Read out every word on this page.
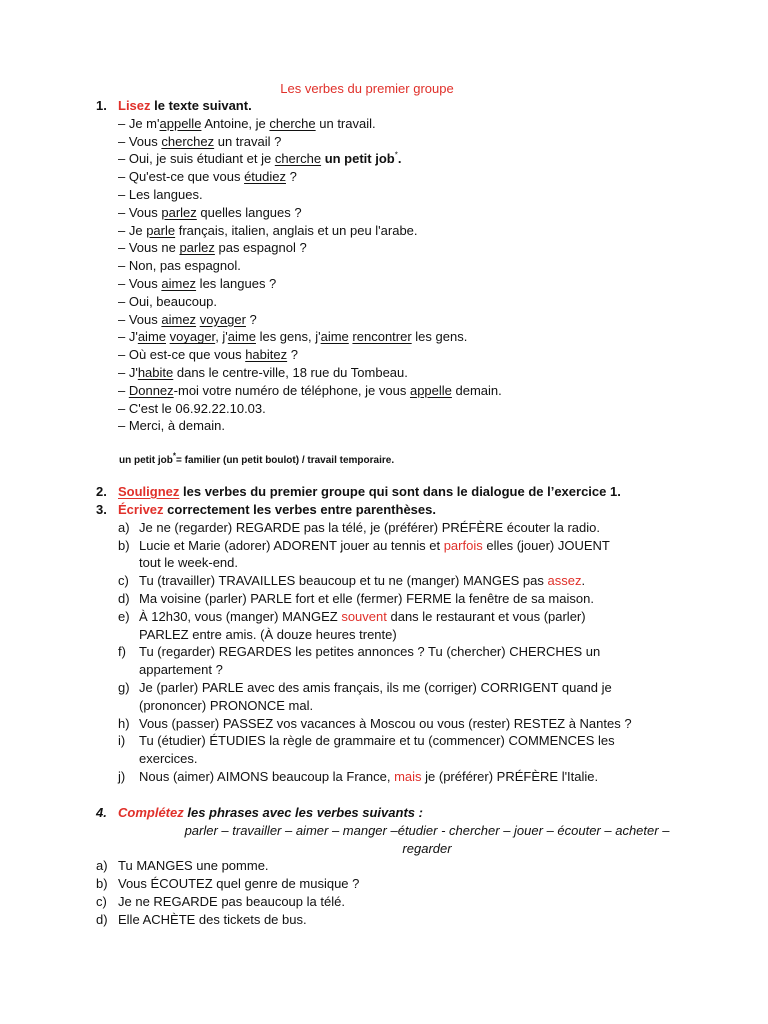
Les verbes du premier groupe
1. Lisez le texte suivant.
– Je m'appelle Antoine, je cherche un travail.
– Vous cherchez un travail ?
– Oui, je suis étudiant et je cherche un petit job*.
– Qu'est-ce que vous étudiez ?
– Les langues.
– Vous parlez quelles langues ?
– Je parle français, italien, anglais et un peu l'arabe.
– Vous ne parlez pas espagnol ?
– Non, pas espagnol.
– Vous aimez les langues ?
– Oui, beaucoup.
– Vous aimez voyager ?
– J'aime voyager, j'aime les gens, j'aime rencontrer les gens.
– Où est-ce que vous habitez ?
– J'habite dans le centre-ville, 18 rue du Tombeau.
– Donnez-moi votre numéro de téléphone, je vous appelle demain.
– C'est le 06.92.22.10.03.
– Merci, à demain.
un petit job*= familier (un petit boulot) / travail temporaire.
2. Soulignez les verbes du premier groupe qui sont dans le dialogue de l’exercice 1.
3. Écrivez correctement les verbes entre parenthèses.
a) Je ne (regarder) REGARDE pas la télé, je (préférer) PRÉFÈRE écouter la radio.
b) Lucie et Marie (adorer) ADORENT jouer au tennis et parfois elles (jouer) JOUENT
tout le week-end.
c) Tu (travailler) TRAVAILLES beaucoup et tu ne (manger) MANGES pas assez.
d) Ma voisine (parler) PARLE fort et elle (fermer) FERME la fenêtre de sa maison.
e) À 12h30, vous (manger) MANGEZ souvent dans le restaurant et vous (parler)
PARLEZ entre amis. (À douze heures trente)
f) Tu (regarder) REGARDES les petites annonces ? Tu (chercher) CHERCHES un
appartement ?
g) Je (parler) PARLE avec des amis français, ils me (corriger) CORRIGENT quand je
(prononcer) PRONONCE mal.
h) Vous (passer) PASSEZ vos vacances à Moscou ou vous (rester) RESTEZ à Nantes ?
i) Tu (étudier) ÉTUDIES la règle de grammaire et tu (commencer) COMMENCES les
exercices.
j) Nous (aimer) AIMONS beaucoup la France, mais je (préférer) PRÉFÈRE l'Italie.
4. Complétez les phrases avec les verbes suivants :
parler – travailler – aimer – manger –étudier - chercher – jouer – écouter – acheter –
regarder
a) Tu MANGES une pomme.
b) Vous ÉCOUTEZ quel genre de musique ?
c) Je ne REGARDE pas beaucoup la télé.
d) Elle ACHÈTE des tickets de bus.
